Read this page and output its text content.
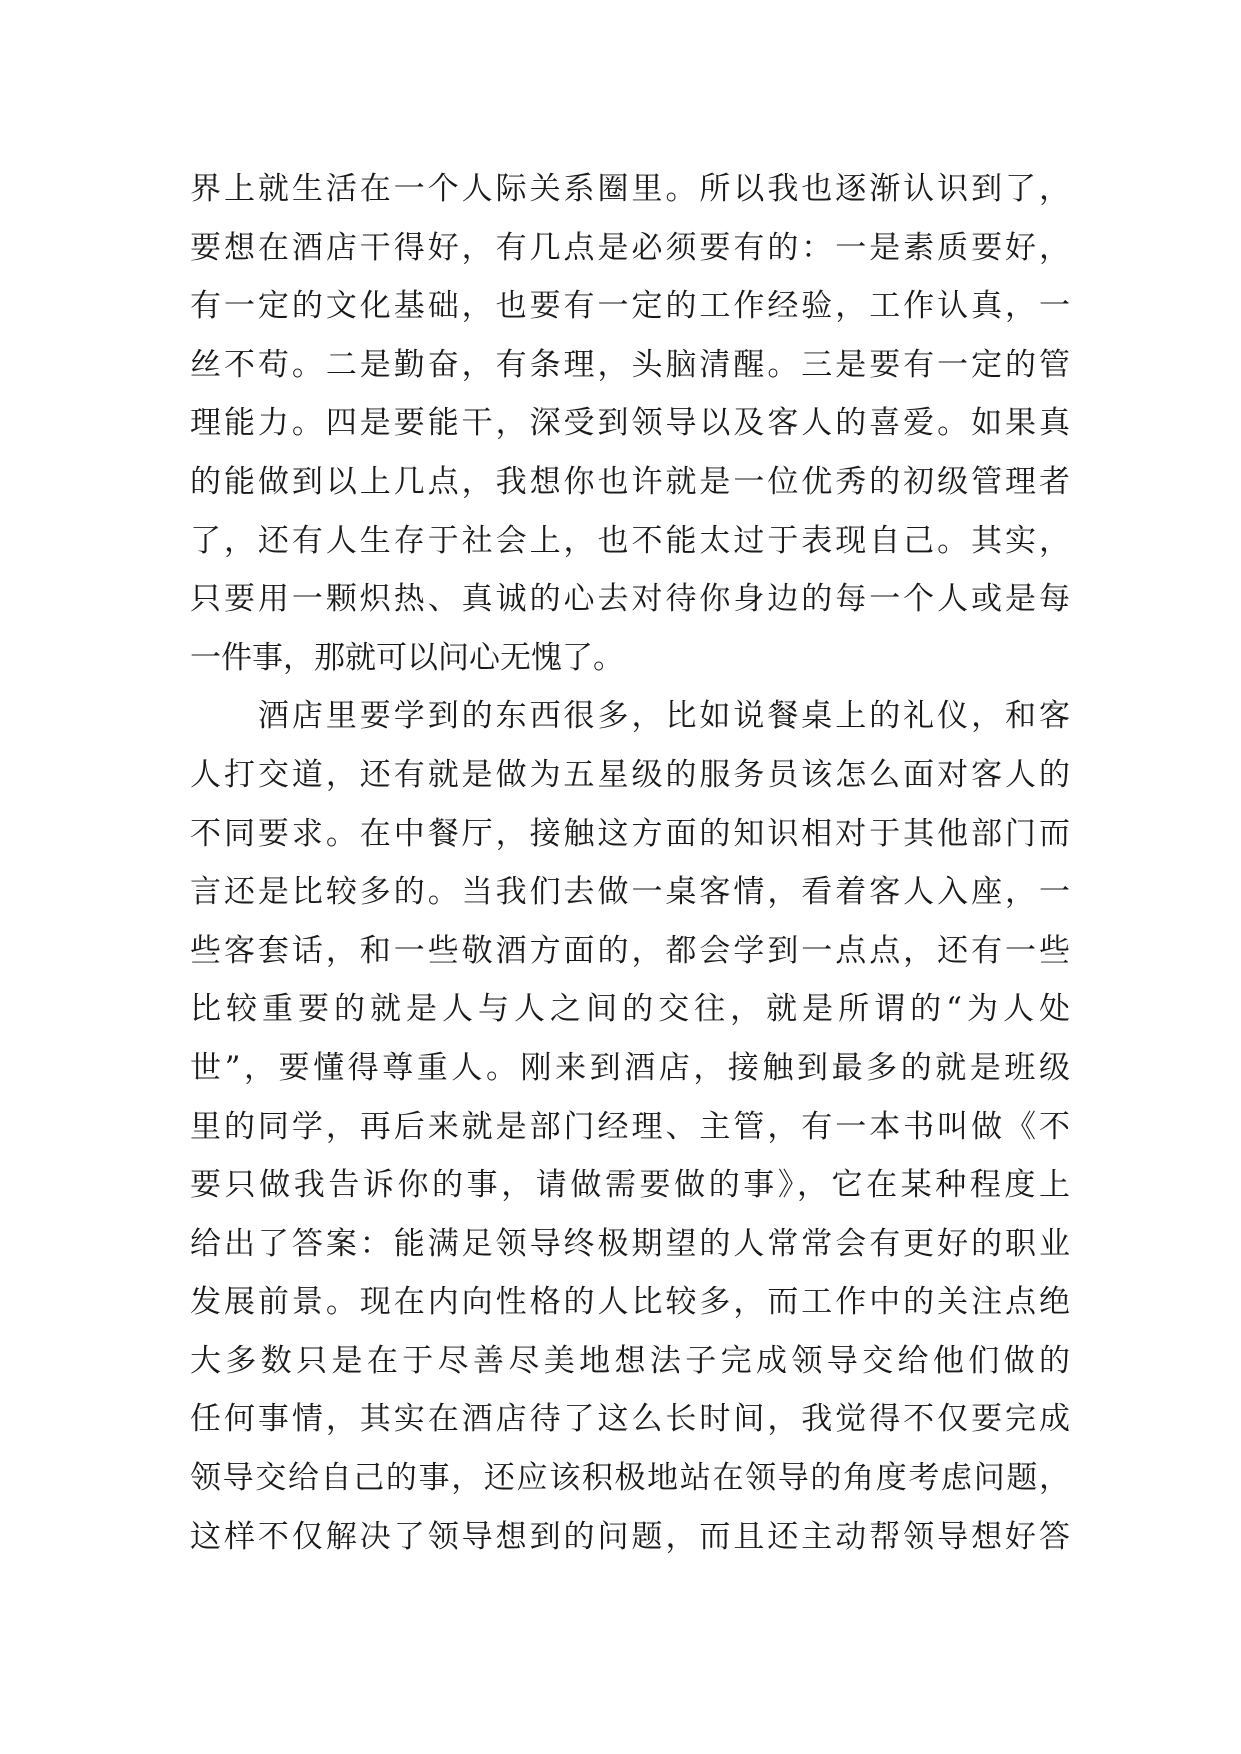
界上就生活在一个人际关系圈里。所以我也逐渐认识到了，
要想在酒店干得好，有几点是必须要有的：一是素质要好，
有一定的文化基础，也要有一定的工作经验，工作认真，一
丝不苟。二是勤奋，有条理，头脑清醒。三是要有一定的管
理能力。四是要能干，深受到领导以及客人的喜爱。如果真
的能做到以上几点，我想你也许就是一位优秀的初级管理者
了，还有人生存于社会上，也不能太过于表现自己。其实，
只要用一颗炽热、真诚的心去对待你身边的每一个人或是每
一件事，那就可以问心无愧了。
　　酒店里要学到的东西很多，比如说餐桌上的礼仪，和客
人打交道，还有就是做为五星级的服务员该怎么面对客人的
不同要求。在中餐厅，接触这方面的知识相对于其他部门而
言还是比较多的。当我们去做一桌客情，看着客人入座，一
些客套话，和一些敬酒方面的，都会学到一点点，还有一些
比较重要的就是人与人之间的交往，就是所谓的“为人处
世”，要懂得尊重人。刚来到酒店，接触到最多的就是班级
里的同学，再后来就是部门经理、主管，有一本书叫做《不
要只做我告诉你的事，请做需要做的事》，它在某种程度上
给出了答案：能满足领导终极期望的人常常会有更好的职业
发展前景。现在内向性格的人比较多，而工作中的关注点绝
大多数只是在于尽善尽美地想法子完成领导交给他们做的
任何事情，其实在酒店待了这么长时间，我觉得不仅要完成
领导交给自己的事，还应该积极地站在领导的角度考虑问题，
这样不仅解决了领导想到的问题，而且还主动帮领导想好答
